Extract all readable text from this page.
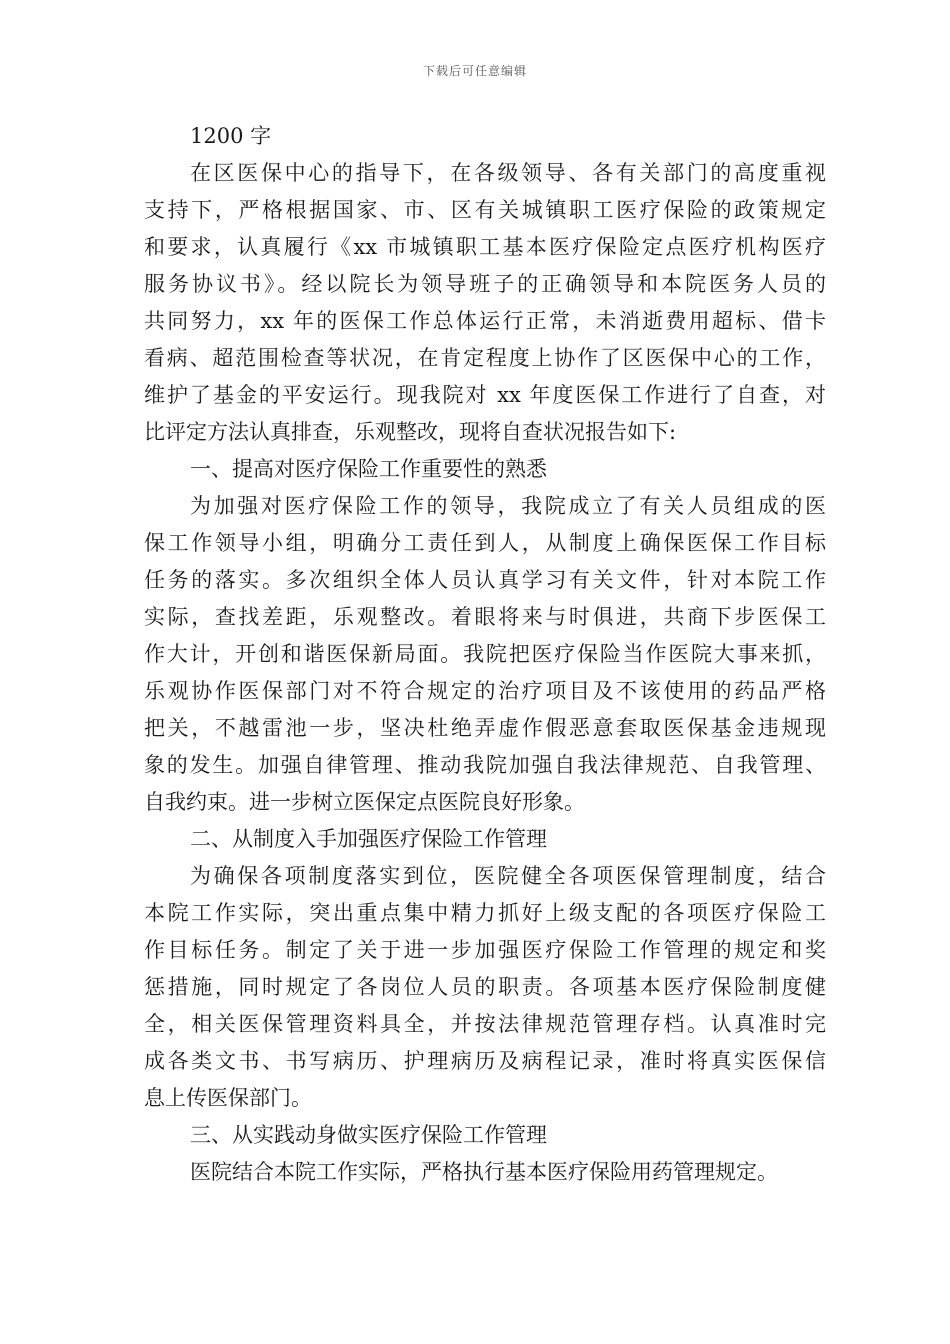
下载后可任意编辑
1200 字
在区医保中心的指导下，在各级领导、各有关部门的高度重视
支持下，严格根据国家、市、区有关城镇职工医疗保险的政策规定
和要求，认真履行《xx 市城镇职工基本医疗保险定点医疗机构医疗
服务协议书》。经以院长为领导班子的正确领导和本院医务人员的
共同努力，xx 年的医保工作总体运行正常，未消逝费用超标、借卡
看病、超范围检查等状况，在肯定程度上协作了区医保中心的工作，
维护了基金的平安运行。现我院对 xx 年度医保工作进行了自查，对
比评定方法认真排查，乐观整改，现将自查状况报告如下:
一、提高对医疗保险工作重要性的熟悉
为加强对医疗保险工作的领导，我院成立了有关人员组成的医
保工作领导小组，明确分工责任到人，从制度上确保医保工作目标
任务的落实。多次组织全体人员认真学习有关文件，针对本院工作
实际，查找差距，乐观整改。着眼将来与时俱进，共商下步医保工
作大计，开创和谐医保新局面。我院把医疗保险当作医院大事来抓，
乐观协作医保部门对不符合规定的治疗项目及不该使用的药品严格
把关，不越雷池一步，坚决杜绝弄虚作假恶意套取医保基金违规现
象的发生。加强自律管理、推动我院加强自我法律规范、自我管理、
自我约束。进一步树立医保定点医院良好形象。
二、从制度入手加强医疗保险工作管理
为确保各项制度落实到位，医院健全各项医保管理制度，结合
本院工作实际，突出重点集中精力抓好上级支配的各项医疗保险工
作目标任务。制定了关于进一步加强医疗保险工作管理的规定和奖
惩措施，同时规定了各岗位人员的职责。各项基本医疗保险制度健
全，相关医保管理资料具全，并按法律规范管理存档。认真准时完
成各类文书、书写病历、护理病历及病程记录，准时将真实医保信
息上传医保部门。
三、从实践动身做实医疗保险工作管理
医院结合本院工作实际，严格执行基本医疗保险用药管理规定。
